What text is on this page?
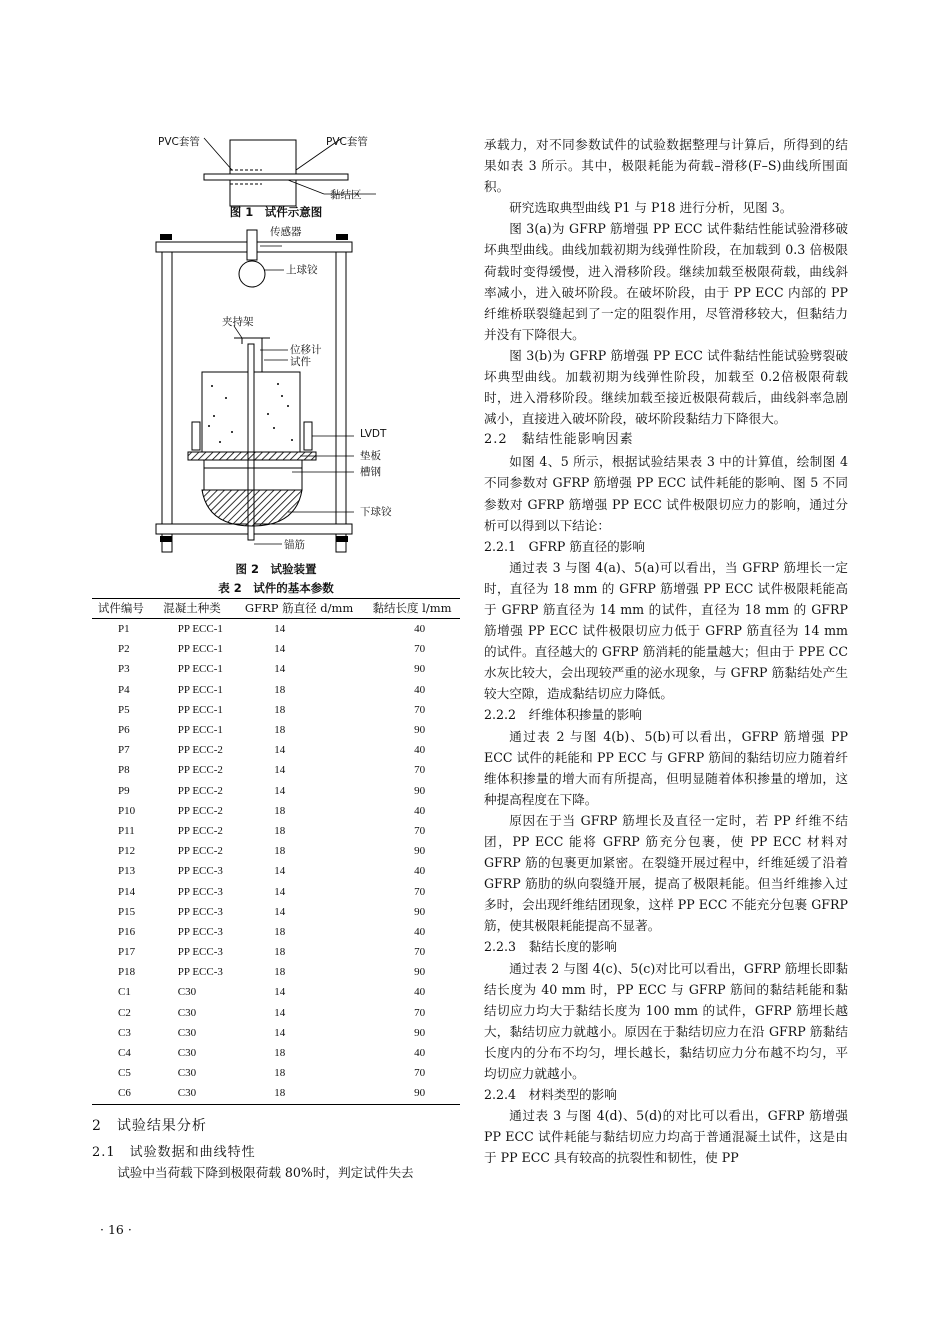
PVC套管	PVC套管
黏结区
图 1　试件示意图
传感器
上球铰
夹持架
位移计
试件
LVDT
垫板
槽钢
下球铰
锚筋
图 2　试验装置
表 2　试件的基本参数
试件编号	混凝土种类	GFRP 筋直径 d/mm	黏结长度 l/mm
P1	PP ECC-1	14	40
P2	PP ECC-1	14	70
P3	PP ECC-1	14	90
P4	PP ECC-1	18	40
P5	PP ECC-1	18	70
P6	PP ECC-1	18	90
P7	PP ECC-2	14	40
P8	PP ECC-2	14	70
P9	PP ECC-2	14	90
P10	PP ECC-2	18	40
P11	PP ECC-2	18	70
P12	PP ECC-2	18	90
P13	PP ECC-3	14	40
P14	PP ECC-3	14	70
P15	PP ECC-3	14	90
P16	PP ECC-3	18	40
P17	PP ECC-3	18	70
P18	PP ECC-3	18	90
C1	C30	14	40
C2	C30	14	70
C3	C30	14	90
C4	C30	18	40
C5	C30	18	70
C6	C30	18	90
2　试验结果分析
2.1　试验数据和曲线特性

试验中当荷载下降到极限荷载 80%时，判定试件失去

· 16 ·

承载力，对不同参数试件的试验数据整理与计算后，所得到的结果如表 3 所示。其中，极限耗能为荷载–滑移(F–S)曲线所围面积。

研究选取典型曲线 P1 与 P18 进行分析，见图 3。

图 3(a)为 GFRP 筋增强 PP ECC 试件黏结性能试验滑移破坏典型曲线。曲线加载初期为线弹性阶段，在加载到 0.3 倍极限荷载时变得缓慢，进入滑移阶段。继续加载至极限荷载，曲线斜率减小，进入破坏阶段。在破坏阶段，由于 PP ECC 内部的 PP 纤维桥联裂缝起到了一定的阻裂作用，尽管滑移较大，但黏结力并没有下降很大。

图 3(b)为 GFRP 筋增强 PP ECC 试件黏结性能试验劈裂破坏典型曲线。加载初期为线弹性阶段，加载至 0.2倍极限荷载时，进入滑移阶段。继续加载至接近极限荷载后，曲线斜率急剧减小，直接进入破坏阶段，破坏阶段黏结力下降很大。

2.2　黏结性能影响因素

如图 4、5 所示，根据试验结果表 3 中的计算值，绘制图 4 不同参数对 GFRP 筋增强 PP ECC 试件耗能的影响、图 5 不同参数对 GFRP 筋增强 PP ECC 试件极限切应力的影响，通过分析可以得到以下结论：

2.2.1　GFRP 筋直径的影响

通过表 3 与图 4(a)、5(a)可以看出，当 GFRP 筋埋长一定时，直径为 18 mm 的 GFRP 筋增强 PP ECC 试件极限耗能高于 GFRP 筋直径为 14 mm 的试件，直径为 18 mm 的 GFRP 筋增强 PP ECC 试件极限切应力低于 GFRP 筋直径为 14 mm 的试件。直径越大的 GFRP 筋消耗的能量越大；但由于 PPE CC 水灰比较大，会出现较严重的泌水现象，与 GFRP 筋黏结处产生较大空隙，造成黏结切应力降低。

2.2.2　纤维体积掺量的影响

通过表 2 与图 4(b)、5(b)可以看出，GFRP 筋增强 PP ECC 试件的耗能和 PP ECC 与 GFRP 筋间的黏结切应力随着纤维体积掺量的增大而有所提高，但明显随着体积掺量的增加，这种提高程度在下降。

原因在于当 GFRP 筋埋长及直径一定时，若 PP 纤维不结团，PP ECC 能将 GFRP 筋充分包裹，使 PP ECC 材料对 GFRP 筋的包裹更加紧密。在裂缝开展过程中，纤维延缓了沿着 GFRP 筋肋的纵向裂缝开展，提高了极限耗能。但当纤维掺入过多时，会出现纤维结团现象，这样 PP ECC 不能充分包裹 GFRP 筋，使其极限耗能提高不显著。

2.2.3　黏结长度的影响

通过表 2 与图 4(c)、5(c)对比可以看出，GFRP 筋埋长即黏结长度为 40 mm 时，PP ECC 与 GFRP 筋间的黏结耗能和黏结切应力均大于黏结长度为 100 mm 的试件，GFRP 筋埋长越大，黏结切应力就越小。原因在于黏结切应力在沿 GFRP 筋黏结长度内的分布不均匀，埋长越长，黏结切应力分布越不均匀，平均切应力就越小。

2.2.4　材料类型的影响

通过表 3 与图 4(d)、5(d)的对比可以看出，GFRP 筋增强 PP ECC 试件耗能与黏结切应力均高于普通混凝土试件，这是由于 PP ECC 具有较高的抗裂性和韧性，使 PP
